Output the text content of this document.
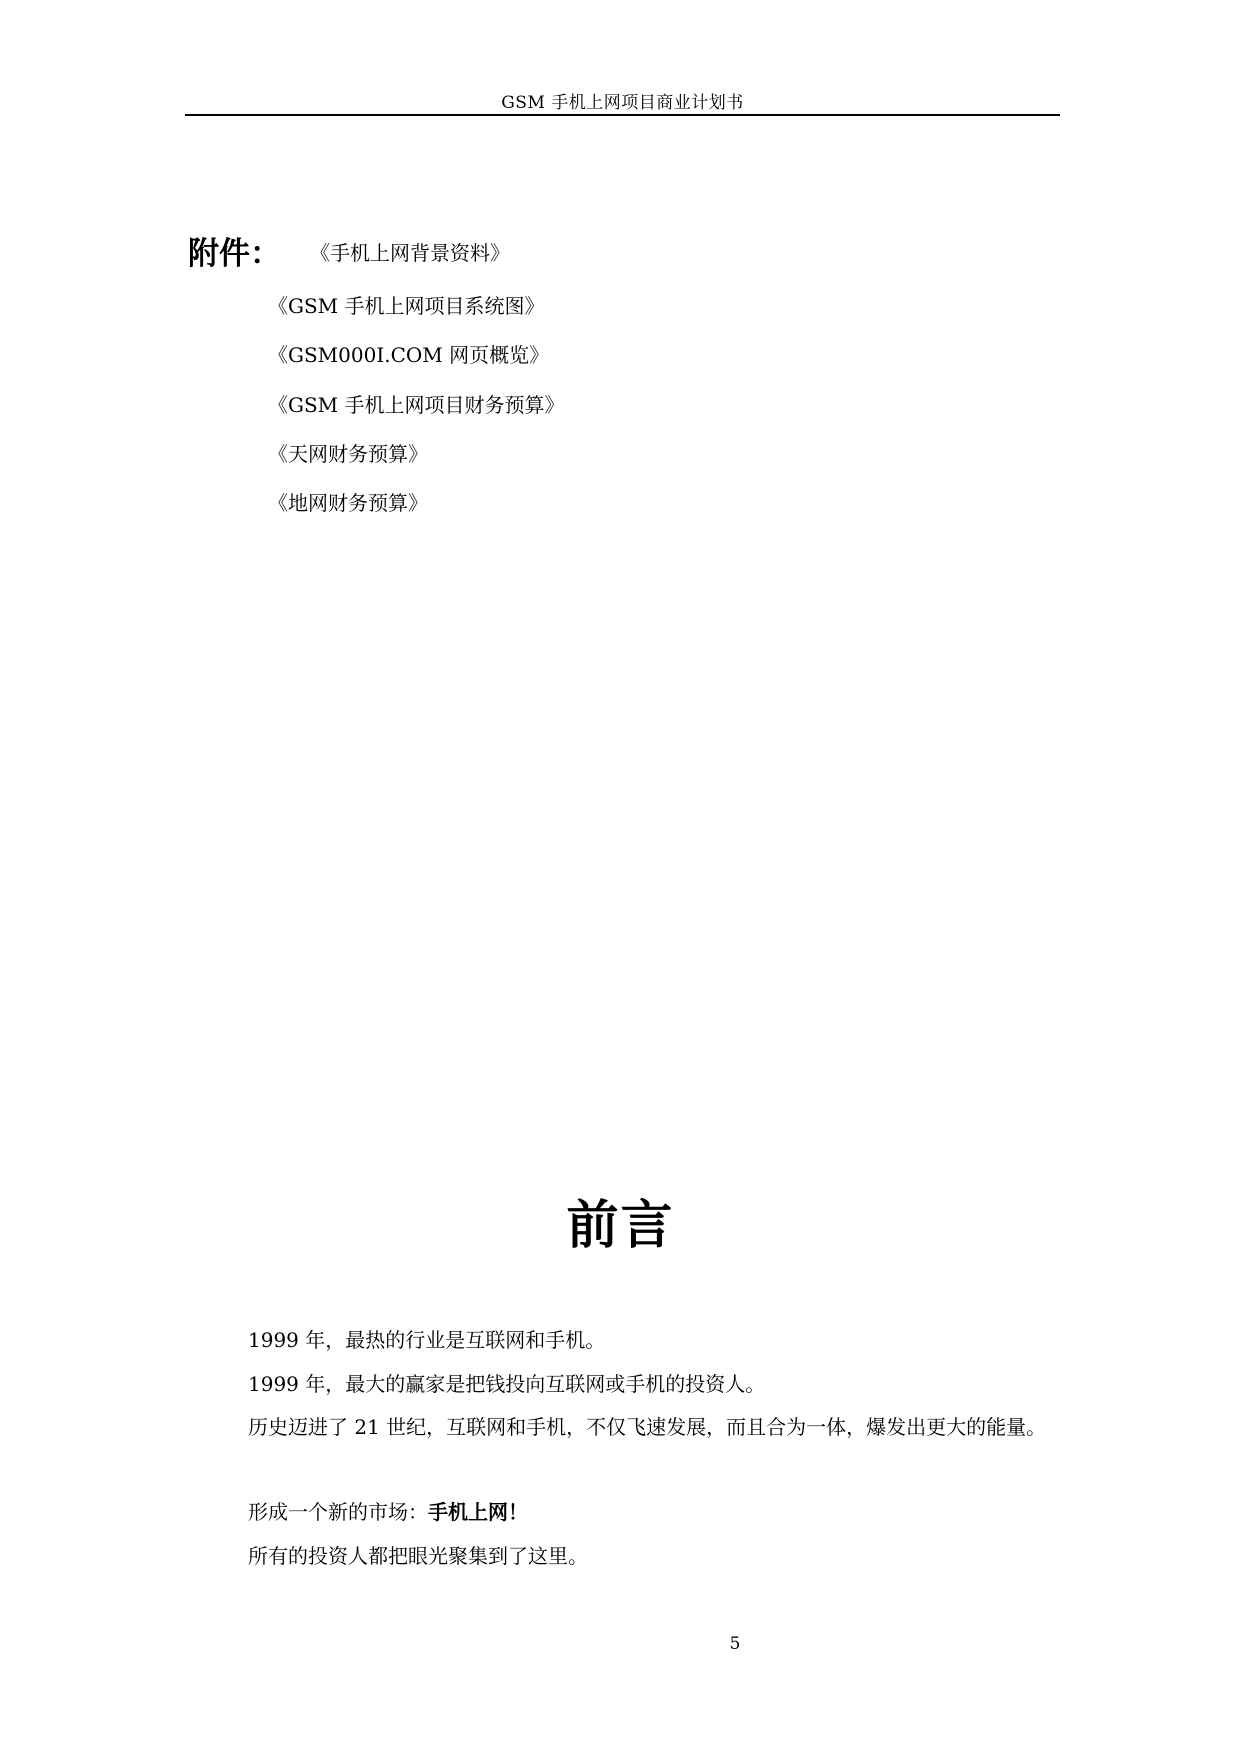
GSM 手机上网项目商业计划书
附件： 《手机上网背景资料》
《GSM 手机上网项目系统图》
《GSM000I.COM 网页概览》
《GSM 手机上网项目财务预算》
《天网财务预算》
《地网财务预算》
前言
1999 年，最热的行业是互联网和手机。
1999 年，最大的赢家是把钱投向互联网或手机的投资人。
历史迈进了 21 世纪，互联网和手机，不仅飞速发展，而且合为一体，爆发出更大的能量。
形成一个新的市场：手机上网！
所有的投资人都把眼光聚集到了这里。
5
